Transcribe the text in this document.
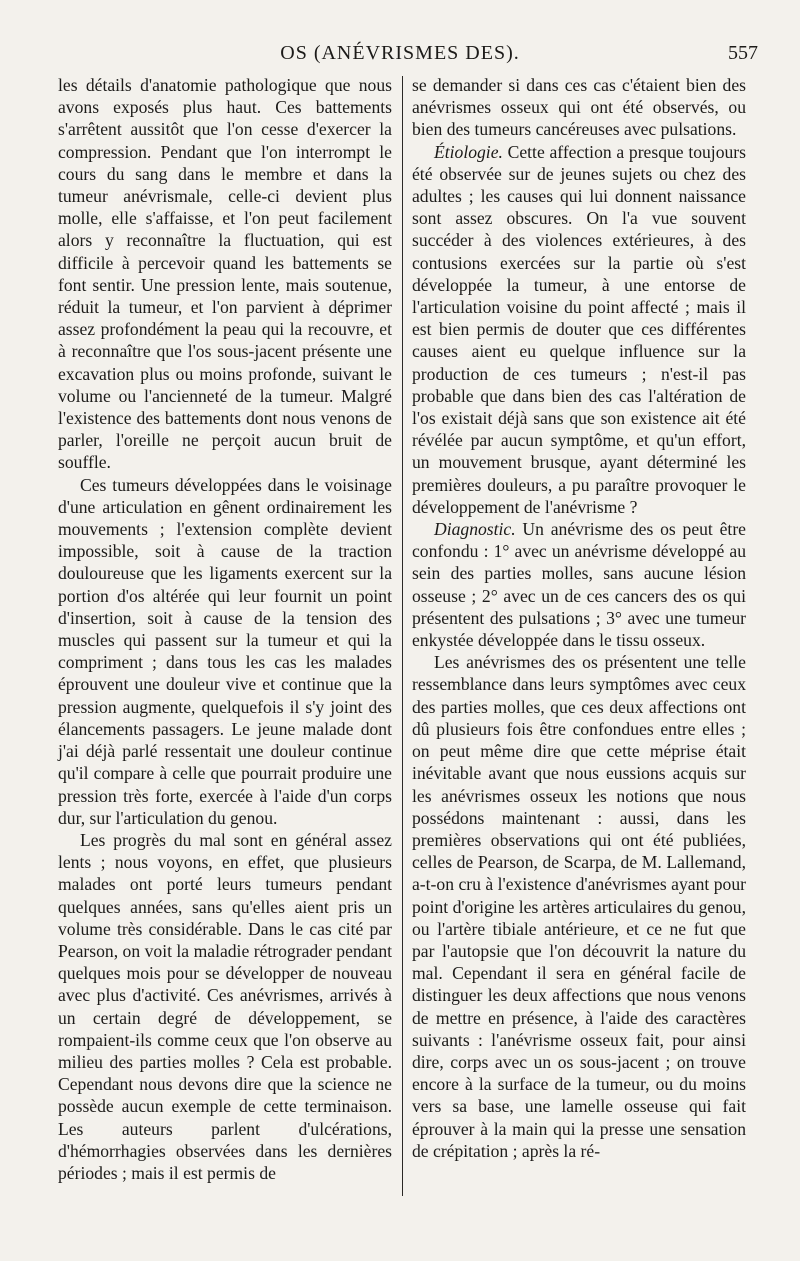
OS (ANÉVRISMES DES).	557

les détails d'anatomie pathologique que nous avons exposés plus haut. Ces battements s'arrêtent aussitôt que l'on cesse d'exercer la compression. Pendant que l'on interrompt le cours du sang dans le membre et dans la tumeur anévrismale, celle-ci devient plus molle, elle s'affaisse, et l'on peut facilement alors y reconnaître la fluctuation, qui est difficile à percevoir quand les battements se font sentir. Une pression lente, mais soutenue, réduit la tumeur, et l'on parvient à déprimer assez profondément la peau qui la recouvre, et à reconnaître que l'os sous-jacent présente une excavation plus ou moins profonde, suivant le volume ou l'ancienneté de la tumeur. Malgré l'existence des battements dont nous venons de parler, l'oreille ne perçoit aucun bruit de souffle.

Ces tumeurs développées dans le voisinage d'une articulation en gênent ordinairement les mouvements ; l'extension complète devient impossible, soit à cause de la traction douloureuse que les ligaments exercent sur la portion d'os altérée qui leur fournit un point d'insertion, soit à cause de la tension des muscles qui passent sur la tumeur et qui la compriment ; dans tous les cas les malades éprouvent une douleur vive et continue que la pression augmente, quelquefois il s'y joint des élancements passagers. Le jeune malade dont j'ai déjà parlé ressentait une douleur continue qu'il compare à celle que pourrait produire une pression très forte, exercée à l'aide d'un corps dur, sur l'articulation du genou.

Les progrès du mal sont en général assez lents ; nous voyons, en effet, que plusieurs malades ont porté leurs tumeurs pendant quelques années, sans qu'elles aient pris un volume très considérable. Dans le cas cité par Pearson, on voit la maladie rétrograder pendant quelques mois pour se développer de nouveau avec plus d'activité. Ces anévrismes, arrivés à un certain degré de développement, se rompaient-ils comme ceux que l'on observe au milieu des parties molles ? Cela est probable. Cependant nous devons dire que la science ne possède aucun exemple de cette terminaison. Les auteurs parlent d'ulcérations, d'hémorrhagies observées dans les dernières périodes ; mais il est permis de

se demander si dans ces cas c'étaient bien des anévrismes osseux qui ont été observés, ou bien des tumeurs cancéreuses avec pulsations.

Étiologie. Cette affection a presque toujours été observée sur de jeunes sujets ou chez des adultes ; les causes qui lui donnent naissance sont assez obscures. On l'a vue souvent succéder à des violences extérieures, à des contusions exercées sur la partie où s'est développée la tumeur, à une entorse de l'articulation voisine du point affecté ; mais il est bien permis de douter que ces différentes causes aient eu quelque influence sur la production de ces tumeurs ; n'est-il pas probable que dans bien des cas l'altération de l'os existait déjà sans que son existence ait été révélée par aucun symptôme, et qu'un effort, un mouvement brusque, ayant déterminé les premières douleurs, a pu paraître provoquer le développement de l'anévrisme ?

Diagnostic. Un anévrisme des os peut être confondu : 1° avec un anévrisme développé au sein des parties molles, sans aucune lésion osseuse ; 2° avec un de ces cancers des os qui présentent des pulsations ; 3° avec une tumeur enkystée développée dans le tissu osseux.

Les anévrismes des os présentent une telle ressemblance dans leurs symptômes avec ceux des parties molles, que ces deux affections ont dû plusieurs fois être confondues entre elles ; on peut même dire que cette méprise était inévitable avant que nous eussions acquis sur les anévrismes osseux les notions que nous possédons maintenant : aussi, dans les premières observations qui ont été publiées, celles de Pearson, de Scarpa, de M. Lallemand, a-t-on cru à l'existence d'anévrismes ayant pour point d'origine les artères articulaires du genou, ou l'artère tibiale antérieure, et ce ne fut que par l'autopsie que l'on découvrit la nature du mal. Cependant il sera en général facile de distinguer les deux affections que nous venons de mettre en présence, à l'aide des caractères suivants : l'anévrisme osseux fait, pour ainsi dire, corps avec un os sous-jacent ; on trouve encore à la surface de la tumeur, ou du moins vers sa base, une lamelle osseuse qui fait éprouver à la main qui la presse une sensation de crépitation ; après la ré-
